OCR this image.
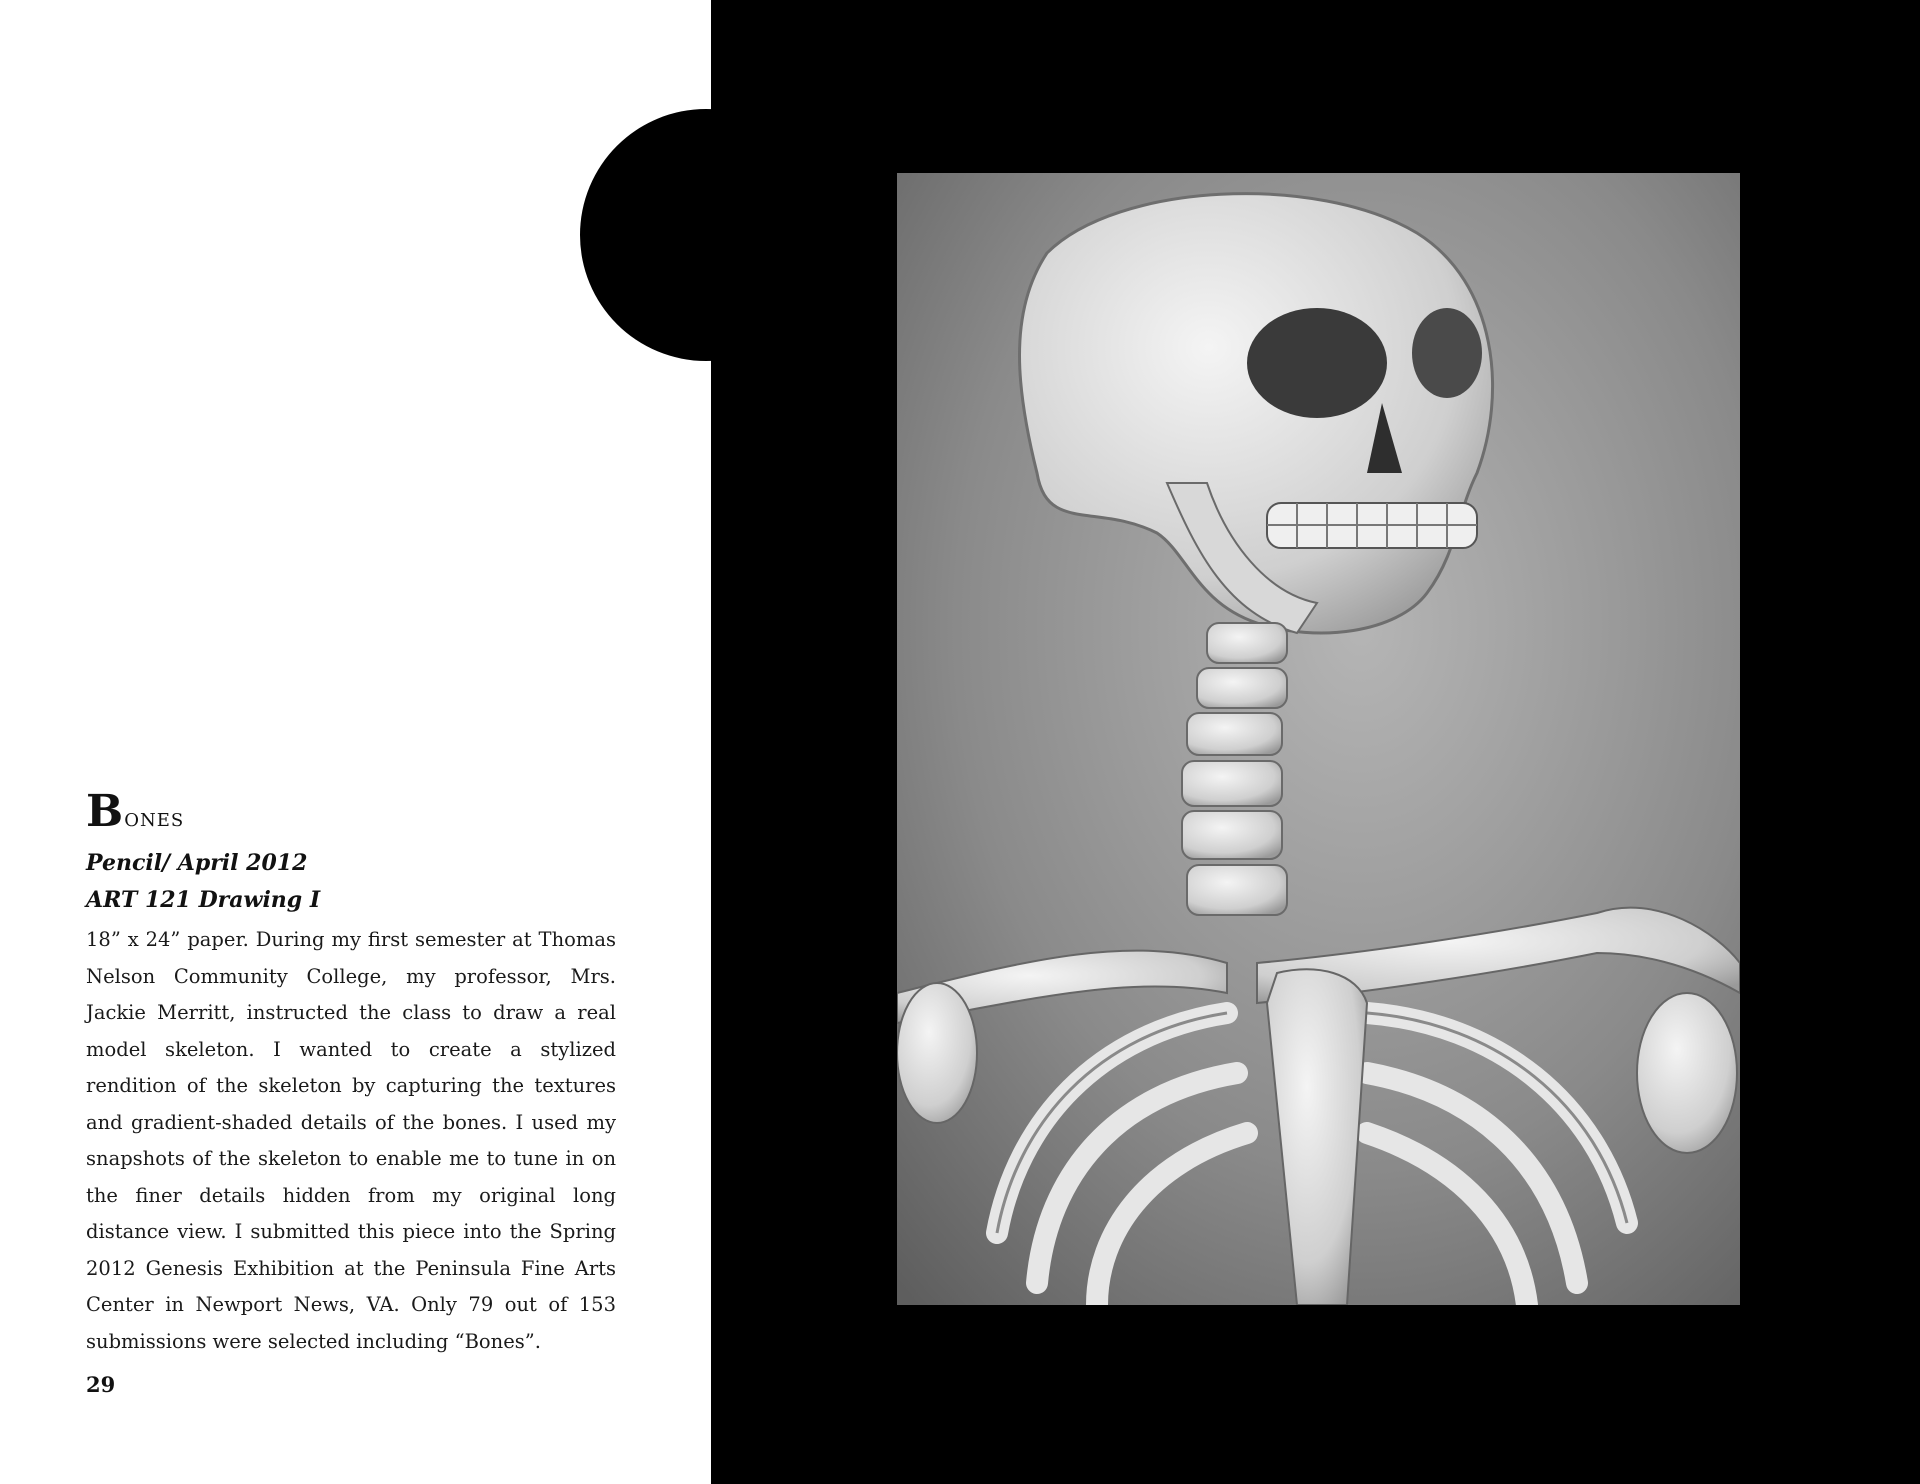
Bones
Pencil/ April 2012
ART 121 Drawing I
18” x 24” paper. During my first semester at Thomas Nelson Community College, my professor, Mrs. Jackie Merritt, instructed the class to draw a real model skeleton. I wanted to create a stylized rendition of the skeleton by capturing the textures and gradient-shaded details of the bones. I used my snapshots of the skeleton to enable me to tune in on the finer details hidden from my original long distance view. I submitted this piece into the Spring 2012 Genesis Exhibition at the Peninsula Fine Arts Center in Newport News, VA. Only 79 out of 153 submissions were selected including “Bones”.
29
